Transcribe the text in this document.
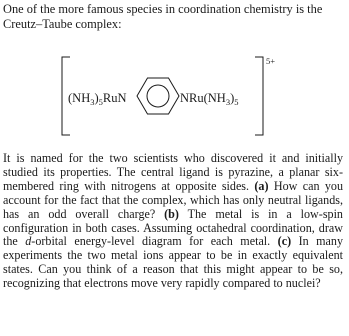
One of the more famous species in coordination chemistry is the Creutz–Taube complex:

$(NH_3)_5RuN$	$NRu(NH_3)_5$
5+

It is named for the two scientists who discovered it and initially studied its properties. The central ligand is pyrazine, a planar six-membered ring with nitrogens at opposite sides. (a) How can you account for the fact that the complex, which has only neutral ligands, has an odd overall charge? (b) The metal is in a low-spin configuration in both cases. Assuming octahedral coordination, draw the d-orbital energy-level diagram for each metal. (c) In many experiments the two metal ions appear to be in exactly equivalent states. Can you think of a reason that this might appear to be so, recognizing that electrons move very rapidly compared to nuclei?
